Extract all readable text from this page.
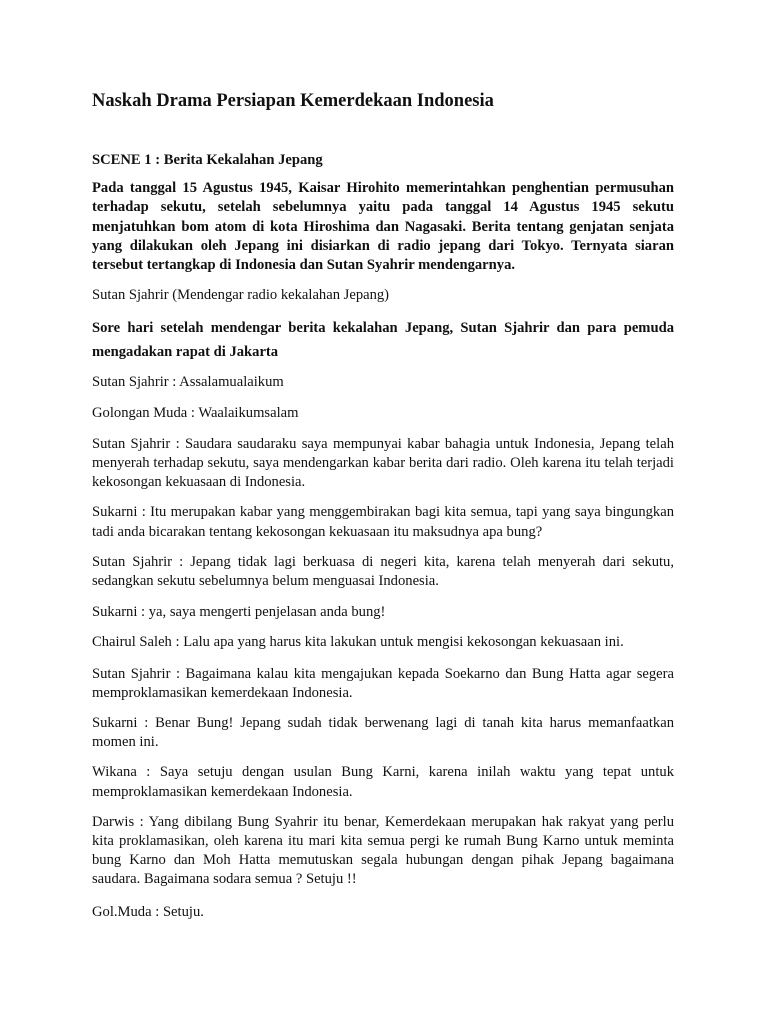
Naskah Drama Persiapan Kemerdekaan Indonesia
SCENE 1 : Berita Kekalahan Jepang
Pada tanggal 15 Agustus 1945, Kaisar Hirohito memerintahkan penghentian permusuhan terhadap sekutu, setelah sebelumnya yaitu pada tanggal 14 Agustus 1945 sekutu menjatuhkan bom atom di kota Hiroshima dan Nagasaki. Berita tentang genjatan senjata yang dilakukan oleh Jepang ini disiarkan di radio jepang dari Tokyo. Ternyata siaran tersebut tertangkap di Indonesia dan Sutan Syahrir mendengarnya.
Sutan Sjahrir (Mendengar radio kekalahan Jepang)
Sore hari setelah mendengar berita kekalahan Jepang, Sutan Sjahrir dan para pemuda mengadakan rapat di Jakarta
Sutan Sjahrir : Assalamualaikum
Golongan Muda : Waalaikumsalam
Sutan Sjahrir : Saudara saudaraku saya mempunyai kabar bahagia untuk Indonesia, Jepang telah menyerah terhadap sekutu, saya mendengarkan kabar berita dari radio. Oleh karena itu telah terjadi kekosongan kekuasaan di Indonesia.
Sukarni : Itu merupakan kabar yang menggembirakan bagi kita semua, tapi yang saya bingungkan tadi anda bicarakan tentang kekosongan kekuasaan itu maksudnya apa bung?
Sutan Sjahrir : Jepang tidak lagi berkuasa di negeri kita, karena telah menyerah dari sekutu, sedangkan sekutu sebelumnya belum menguasai Indonesia.
Sukarni : ya, saya mengerti penjelasan anda bung!
Chairul Saleh : Lalu apa yang harus kita lakukan untuk mengisi kekosongan kekuasaan ini.
Sutan Sjahrir : Bagaimana kalau kita mengajukan kepada Soekarno dan Bung Hatta agar segera memproklamasikan kemerdekaan Indonesia.
Sukarni : Benar Bung! Jepang sudah tidak berwenang lagi di tanah kita harus memanfaatkan momen ini.
Wikana : Saya setuju dengan usulan Bung Karni, karena inilah waktu yang tepat untuk memproklamasikan kemerdekaan Indonesia.
Darwis : Yang dibilang Bung Syahrir itu benar, Kemerdekaan merupakan hak rakyat yang perlu kita proklamasikan, oleh karena itu mari kita semua pergi ke rumah Bung Karno untuk meminta bung Karno dan Moh Hatta memutuskan segala hubungan dengan pihak Jepang bagaimana saudara. Bagaimana sodara semua ? Setuju !!
Gol.Muda : Setuju.
